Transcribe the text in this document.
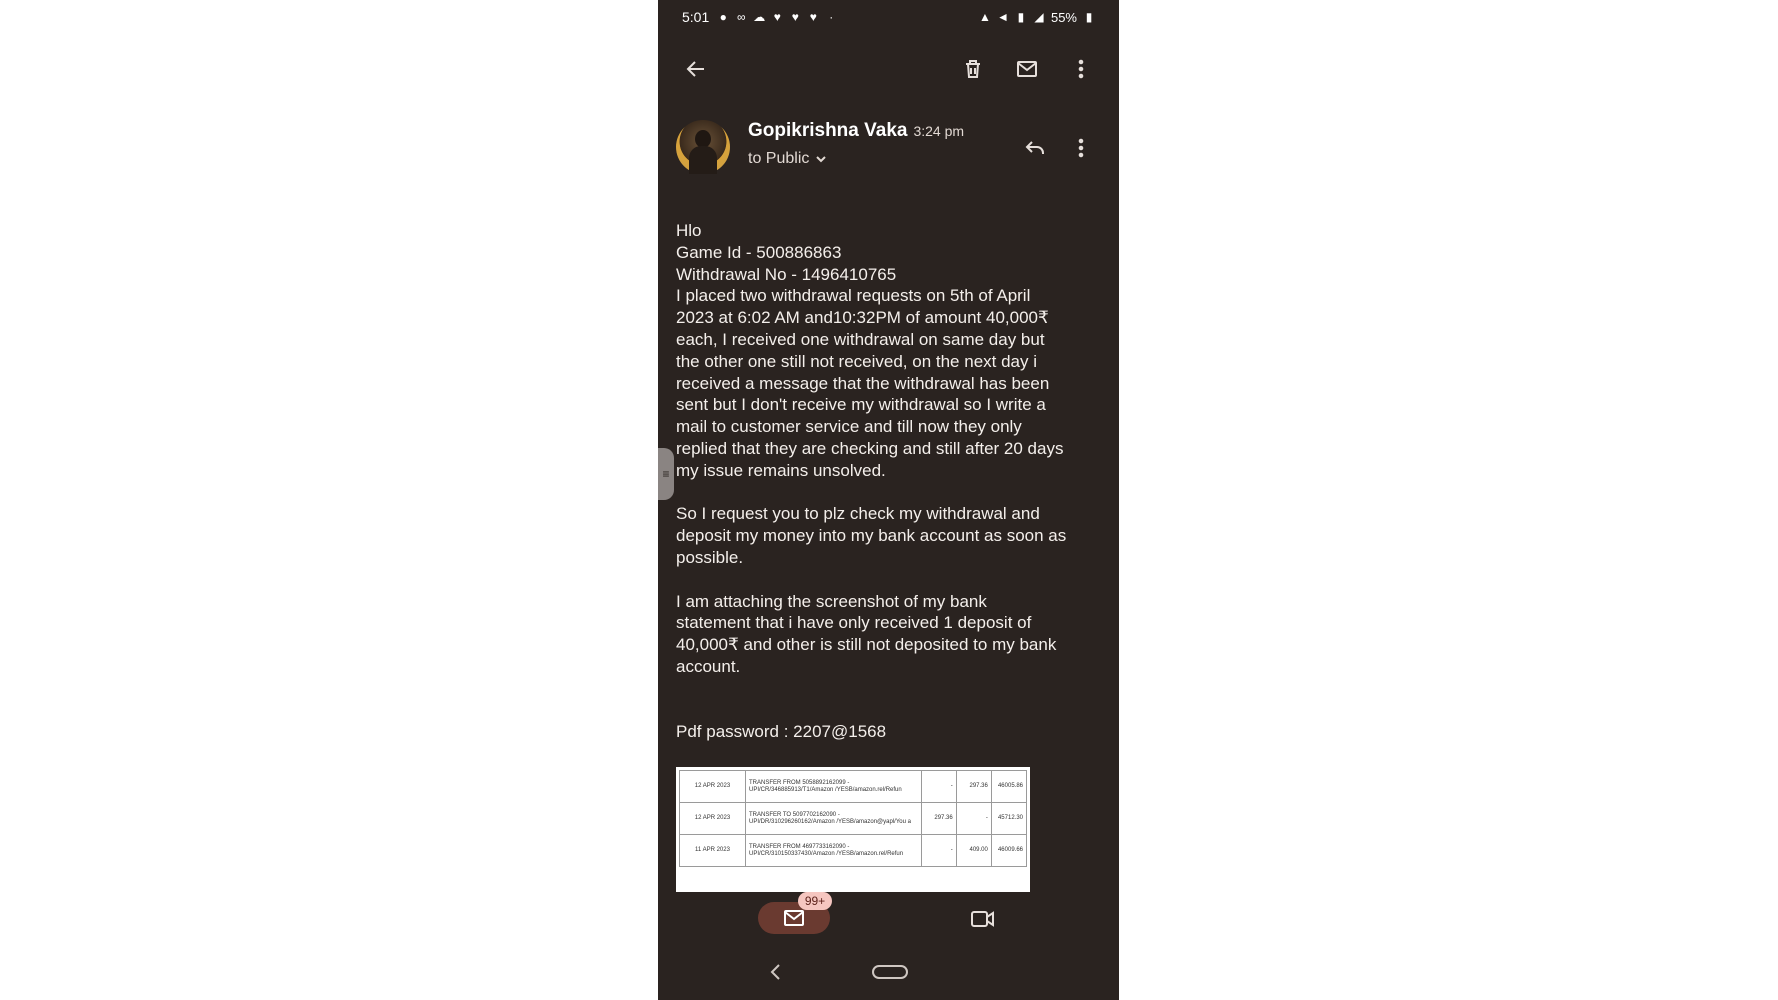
5:01 ● ∞ ☁ ♥ ♥ ♥	·	▲ ◄ ▮ ◢ 55% ▮
Gopikrishna Vaka 3:24 pm
to Public

Hlo

Game Id - 500886863

Withdrawal No - 1496410765

I placed two withdrawal requests on 5th of April

2023 at 6:02 AM and10:32PM of amount 40,000₹

each, I received one withdrawal on same day but

the other one still not received, on the next day i

received a message that the withdrawal has been

sent but I don't receive my withdrawal so I write a

mail to customer service and till now they only

replied that they are checking and still after 20 days

my issue remains unsolved.

So I request you to plz check my withdrawal and

deposit my money into my bank account as soon as

possible.

I am attaching the screenshot of my bank

statement that i have only received 1 deposit of

40,000₹ and other is still not deposited to my bank

account.

Pdf password : 2207@1568

12 APR 2023	TRANSFER FROM 5058892162099 - UPI/CR/346885913/T1/Amazon /YESB/amazon.rel/Refun	-	297.36	46005.86
12 APR 2023	TRANSFER TO 5097702162090 - UPI/DR/310296260162/Amazon /YESB/amazon@yapl/You a	297.36	-	45712.30
11 APR 2023	TRANSFER FROM 4697733162090 - UPI/CR/310150337430/Amazon /YESB/amazon.rel/Refun	-	409.00	46009.66
99+
≡
